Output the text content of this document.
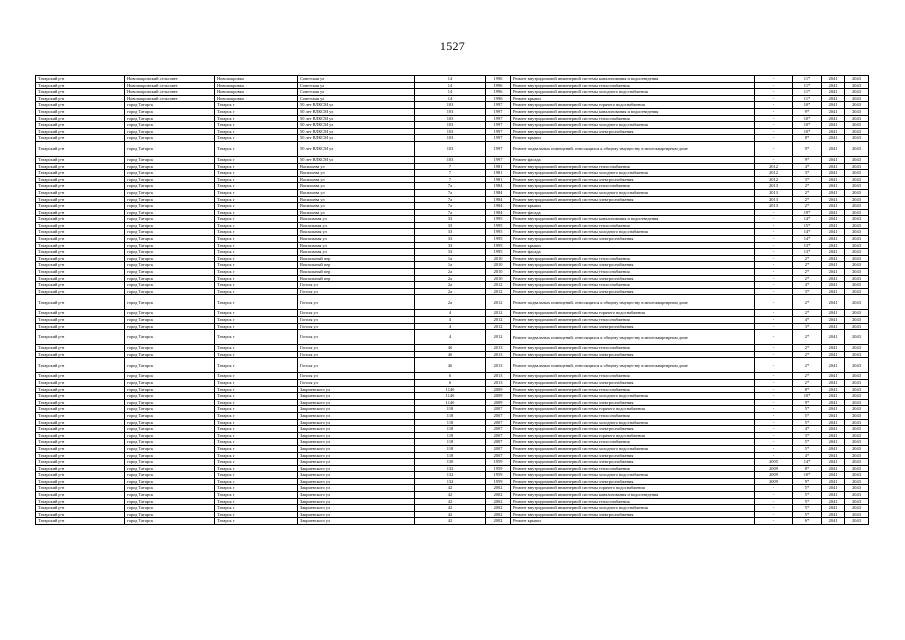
1527
Татарский р-н	Новопокровский сельсовет	Новопокровка	Советская ул	14	1996	Ремонт внутридомовой инженерной системы канализования и водоотведения	-	11*	2041	2043
Татарский р-н	Новопокровский сельсовет	Новопокровка	Советская ул	14	1996	Ремонт внутридомовой инженерной системы теплоснабжения	-	11*	2041	2043
Татарский р-н	Новопокровский сельсовет	Новопокровка	Советская ул	14	1996	Ремонт внутридомовой инженерной системы холодного водоснабжения	-	11*	2041	2043
Татарский р-н	Новопокровский сельсовет	Новопокровка	Советская ул	14	1996	Ремонт крыши	-	11*	2041	2043
Татарский р-н	город Татарск	Татарск г	50 лет ВЛКСМ ул	103	1997	Ремонт внутридомовой инженерной системы горячего водоснабжения	-	10*	2041	2043
Татарский р-н	город Татарск	Татарск г	50 лет ВЛКСМ ул	103	1997	Ремонт внутридомовой инженерной системы канализования и водоотведения	-	9*	2041	2043
Татарский р-н	город Татарск	Татарск г	50 лет ВЛКСМ ул	103	1997	Ремонт внутридомовой инженерной системы теплоснабжения	-	10*	2041	2043
Татарский р-н	город Татарск	Татарск г	50 лет ВЛКСМ ул	103	1997	Ремонт внутридомовой инженерной системы холодного водоснабжения	-	10*	2041	2043
Татарский р-н	город Татарск	Татарск г	50 лет ВЛКСМ ул	103	1997	Ремонт внутридомовой инженерной системы электроснабжения	-	10*	2041	2043
Татарский р-н	город Татарск	Татарск г	50 лет ВЛКСМ ул	103	1997	Ремонт крыши	-	8*	2041	2043
Татарский р-н	город Татарск	Татарск г	50 лет ВЛКСМ ул	103	1997	Ремонт подвальных помещений, относящихся к общему имуществу в многоквартирном доме	-	9*	2041	2043
Татарский р-н	город Татарск	Татарск г	50 лет ВЛКСМ ул	103	1997	Ремонт фасада	-	9*	2041	2043
Татарский р-н	город Татарск	Татарск г	Васильева ул	7	1981	Ремонт внутридомовой инженерной системы теплоснабжения	2012	4*	2041	2043
Татарский р-н	город Татарск	Татарск г	Васильева ул	7	1981	Ремонт внутридомовой инженерной системы холодного водоснабжения	2012	3*	2041	2043
Татарский р-н	город Татарск	Татарск г	Васильева ул	7	1981	Ремонт внутридомовой инженерной системы электроснабжения	2012	3*	2041	2043
Татарский р-н	город Татарск	Татарск г	Васильева ул	7а	1984	Ремонт внутридомовой инженерной системы теплоснабжения	2013	2*	2041	2043
Татарский р-н	город Татарск	Татарск г	Васильева ул	7а	1984	Ремонт внутридомовой инженерной системы холодного водоснабжения	2013	2*	2041	2043
Татарский р-н	город Татарск	Татарск г	Васильева ул	7а	1984	Ремонт внутридомовой инженерной системы электроснабжения	2013	2*	2041	2043
Татарский р-н	город Татарск	Татарск г	Васильева ул	7а	1984	Ремонт крыши	2013	2*	2041	2043
Татарский р-н	город Татарск	Татарск г	Васильева ул	7а	1984	Ремонт фасада	-	19*	2041	2043
Татарский р-н	город Татарск	Татарск г	Вокзальная ул	33	1995	Ремонт внутридомовой инженерной системы канализования и водоотведения	-	14*	2041	2043
Татарский р-н	город Татарск	Татарск г	Вокзальная ул	33	1995	Ремонт внутридомовой инженерной системы теплоснабжения	-	15*	2041	2043
Татарский р-н	город Татарск	Татарск г	Вокзальная ул	33	1995	Ремонт внутридомовой инженерной системы холодного водоснабжения	-	14*	2041	2043
Татарский р-н	город Татарск	Татарск г	Вокзальная ул	33	1995	Ремонт внутридомовой инженерной системы электроснабжения	-	14*	2041	2043
Татарский р-н	город Татарск	Татарск г	Вокзальная ул	33	1995	Ремонт крыши	-	13*	2041	2043
Татарский р-н	город Татарск	Татарск г	Вокзальная ул	33	1995	Ремонт фасада	-	13*	2041	2043
Татарский р-н	город Татарск	Татарск г	Вокзальный пер	1а	2010	Ремонт внутридомовой инженерной системы теплоснабжения	-	2*	2041	2043
Татарский р-н	город Татарск	Татарск г	Вокзальный пер	1а	2010	Ремонт внутридомовой инженерной системы электроснабжения	-	2*	2041	2043
Татарский р-н	город Татарск	Татарск г	Вокзальный пер	2а	2010	Ремонт внутридомовой инженерной системы теплоснабжения	-	2*	2041	2043
Татарский р-н	город Татарск	Татарск г	Вокзальный пер	2а	2010	Ремонт внутридомовой инженерной системы электроснабжения	-	2*	2041	2043
Татарский р-н	город Татарск	Татарск г	Гоголя ул	2а	2012	Ремонт внутридомовой инженерной системы теплоснабжения	-	4*	2041	2043
Татарский р-н	город Татарск	Татарск г	Гоголя ул	2а	2012	Ремонт внутридомовой инженерной системы электроснабжения	-	3*	2041	2043
Татарский р-н	город Татарск	Татарск г	Гоголя ул	2а	2012	Ремонт подвальных помещений, относящихся к общему имуществу в многоквартирном доме	-	2*	2041	2043
Татарский р-н	город Татарск	Татарск г	Гоголя ул	4	2012	Ремонт внутридомовой инженерной системы горячего водоснабжения	-	2*	2041	2043
Татарский р-н	город Татарск	Татарск г	Гоголя ул	4	2012	Ремонт внутридомовой инженерной системы теплоснабжения	-	4*	2041	2043
Татарский р-н	город Татарск	Татарск г	Гоголя ул	4	2012	Ремонт внутридомовой инженерной системы электроснабжения	-	3*	2041	2043
Татарский р-н	город Татарск	Татарск г	Гоголя ул	4	2012	Ремонт подвальных помещений, относящихся к общему имуществу в многоквартирном доме	-	2*	2041	2043
Татарский р-н	город Татарск	Татарск г	Гоголя ул	4б	2013	Ремонт внутридомовой инженерной системы теплоснабжения	-	2*	2041	2043
Татарский р-н	город Татарск	Татарск г	Гоголя ул	4б	2013	Ремонт внутридомовой инженерной системы электроснабжения	-	2*	2041	2043
Татарский р-н	город Татарск	Татарск г	Гоголя ул	4б	2013	Ремонт подвальных помещений, относящихся к общему имуществу в многоквартирном доме	-	2*	2041	2043
Татарский р-н	город Татарск	Татарск г	Гоголя ул	6	2013	Ремонт внутридомовой инженерной системы теплоснабжения	-	2*	2041	2043
Татарский р-н	город Татарск	Татарск г	Гоголя ул	6	2013	Ремонт внутридомовой инженерной системы электроснабжения	-	2*	2041	2043
Татарский р-н	город Татарск	Татарск г	Закриевского ул	114б	2009	Ремонт внутридомовой инженерной системы теплоснабжения	-	8*	2041	2043
Татарский р-н	город Татарск	Татарск г	Закриевского ул	114б	2009	Ремонт внутридомовой инженерной системы холодного водоснабжения	-	10*	2041	2043
Татарский р-н	город Татарск	Татарск г	Закриевского ул	114б	2009	Ремонт внутридомовой инженерной системы электроснабжения	-	9*	2041	2043
Татарский р-н	город Татарск	Татарск г	Закриевского ул	118	2007	Ремонт внутридомовой инженерной системы горячего водоснабжения	-	5*	2041	2043
Татарский р-н	город Татарск	Татарск г	Закриевского ул	118	2007	Ремонт внутридомовой инженерной системы теплоснабжения	-	5*	2041	2043
Татарский р-н	город Татарск	Татарск г	Закриевского ул	118	2007	Ремонт внутридомовой инженерной системы холодного водоснабжения	-	5*	2041	2043
Татарский р-н	город Татарск	Татарск г	Закриевского ул	118	2007	Ремонт внутридомовой инженерной системы электроснабжения	-	4*	2041	2043
Татарский р-н	город Татарск	Татарск г	Закриевского ул	118	2007	Ремонт внутридомовой инженерной системы горячего водоснабжения	-	3*	2041	2043
Татарский р-н	город Татарск	Татарск г	Закриевского ул	118	2007	Ремонт внутридомовой инженерной системы теплоснабжения	-	5*	2041	2043
Татарский р-н	город Татарск	Татарск г	Закриевского ул	118	2007	Ремонт внутридомовой инженерной системы холодного водоснабжения	-	5*	2041	2043
Татарский р-н	город Татарск	Татарск г	Закриевского ул	118	2007	Ремонт внутридомовой инженерной системы электроснабжения	-	4*	2041	2043
Татарский р-н	город Татарск	Татарск г	Закриевского ул	130	1959	Ремонт внутридомовой инженерной системы электроснабжения	2005	14*	2041	2043
Татарский р-н	город Татарск	Татарск г	Закриевского ул	132	1959	Ремонт внутридомовой инженерной системы теплоснабжения	2009	8*	2041	2043
Татарский р-н	город Татарск	Татарск г	Закриевского ул	132	1959	Ремонт внутридомовой инженерной системы холодного водоснабжения	2009	10*	2041	2043
Татарский р-н	город Татарск	Татарск г	Закриевского ул	132	1959	Ремонт внутридомовой инженерной системы электроснабжения	2009	9*	2041	2043
Татарский р-н	город Татарск	Татарск г	Закриевского ул	42	2002	Ремонт внутридомовой инженерной системы горячего водоснабжения	-	5*	2041	2043
Татарский р-н	город Татарск	Татарск г	Закриевского ул	42	2002	Ремонт внутридомовой инженерной системы канализования и водоотведения	-	5*	2041	2043
Татарский р-н	город Татарск	Татарск г	Закриевского ул	42	2002	Ремонт внутридомовой инженерной системы теплоснабжения	-	5*	2041	2043
Татарский р-н	город Татарск	Татарск г	Закриевского ул	42	2002	Ремонт внутридомовой инженерной системы холодного водоснабжения	-	5*	2041	2043
Татарский р-н	город Татарск	Татарск г	Закриевского ул	42	2002	Ремонт внутридомовой инженерной системы электроснабжения	-	5*	2041	2043
Татарский р-н	город Татарск	Татарск г	Закриевского ул	42	2002	Ремонт крыши	-	6*	2041	2043
